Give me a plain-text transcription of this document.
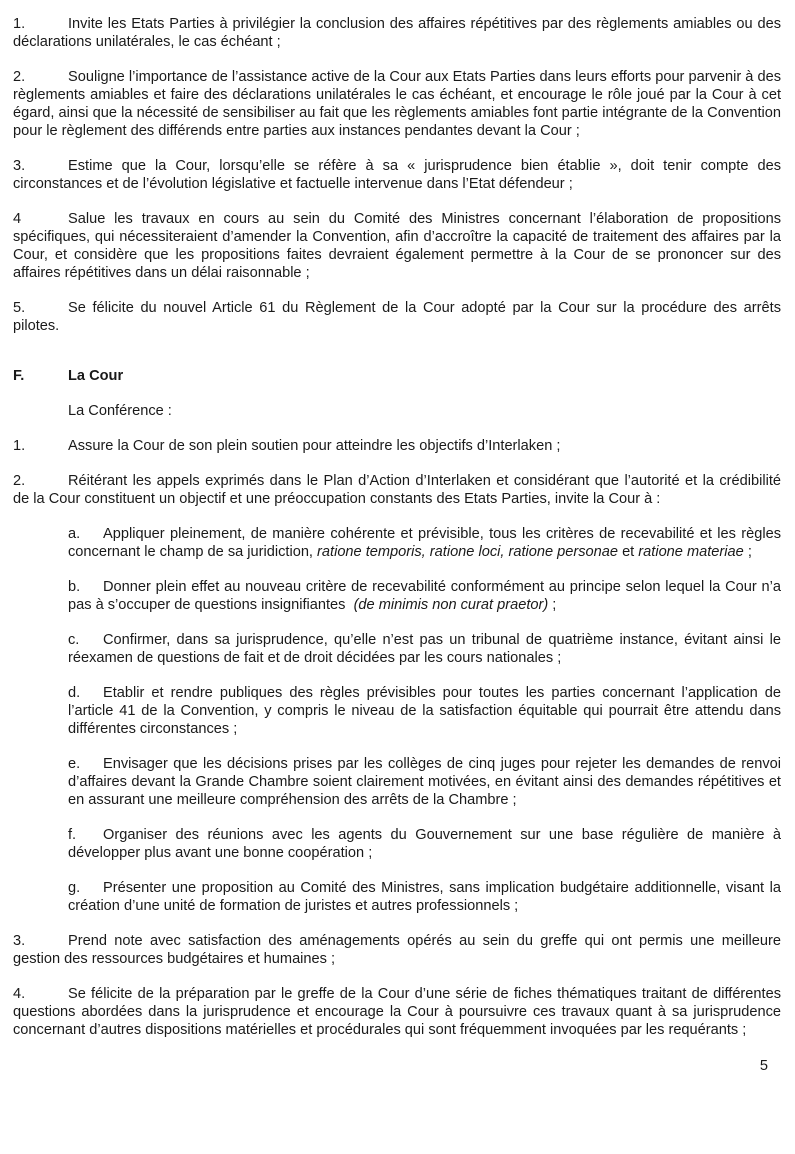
1.	Invite les Etats Parties à privilégier la conclusion des affaires répétitives par des règlements amiables ou des déclarations unilatérales, le cas échéant ;

2.	Souligne l’importance de l’assistance active de la Cour aux Etats Parties dans leurs efforts pour parvenir à des règlements amiables et faire des déclarations unilatérales le cas échéant, et encourage le rôle joué par la Cour à cet égard, ainsi que la nécessité de sensibiliser au fait que les règlements amiables font partie intégrante de la Convention pour le règlement des différends entre parties aux instances pendantes devant la Cour ;

3.	Estime que la Cour, lorsqu’elle se réfère à sa « jurisprudence bien établie », doit tenir compte des circonstances et de l’évolution législative et factuelle intervenue dans l’Etat défendeur ;

4	Salue les travaux en cours au sein du Comité des Ministres concernant l’élaboration de propositions spécifiques, qui nécessiteraient d’amender la Convention, afin d’accroître la capacité de traitement des affaires par la Cour, et considère que les propositions faites devraient également permettre à la Cour de se prononcer sur des affaires répétitives dans un délai raisonnable ;

5.	Se félicite du nouvel Article 61 du Règlement de la Cour adopté par la Cour sur la procédure des arrêts pilotes.

F.	La Cour

La Conférence :

1.	Assure la Cour de son plein soutien pour atteindre les objectifs d’Interlaken ;

2.	Réitérant les appels exprimés dans le Plan d’Action d’Interlaken et considérant que l’autorité et la crédibilité de la Cour constituent un objectif et une préoccupation constants des Etats Parties, invite la Cour à :

a. Appliquer pleinement, de manière cohérente et prévisible, tous les critères de recevabilité et les règles concernant le champ de sa juridiction, ratione temporis, ratione loci, ratione personae et ratione materiae ;

b. Donner plein effet au nouveau critère de recevabilité conformément au principe selon lequel la Cour n’a pas à s’occuper de questions insignifiantes  (de minimis non curat praetor) ;

c. Confirmer, dans sa jurisprudence, qu’elle n’est pas un tribunal de quatrième instance, évitant ainsi le réexamen de questions de fait et de droit décidées par les cours nationales ;

d. Etablir et rendre publiques des règles prévisibles pour toutes les parties concernant l’application de l’article 41 de la Convention, y compris le niveau de la satisfaction équitable qui pourrait être attendu dans différentes circonstances ;

e. Envisager que les décisions prises par les collèges de cinq juges pour rejeter les demandes de renvoi d’affaires devant la Grande Chambre soient clairement motivées, en évitant ainsi des demandes répétitives et en assurant une meilleure compréhension des arrêts de la Chambre ;

f. Organiser des réunions avec les agents du Gouvernement sur une base régulière de manière à développer plus avant une bonne coopération ;

g. Présenter une proposition au Comité des Ministres, sans implication budgétaire additionnelle, visant la création d’une unité de formation de juristes et autres professionnels ;

3.	Prend note avec satisfaction des aménagements opérés au sein du greffe qui ont permis une meilleure gestion des ressources budgétaires et humaines ;

4.	Se félicite de la préparation par le greffe de la Cour d’une série de fiches thématiques traitant de différentes questions abordées dans la jurisprudence et encourage la Cour à poursuivre ces travaux quant à sa jurisprudence concernant d’autres dispositions matérielles et procédurales qui sont fréquemment invoquées par les requérants ;

5
